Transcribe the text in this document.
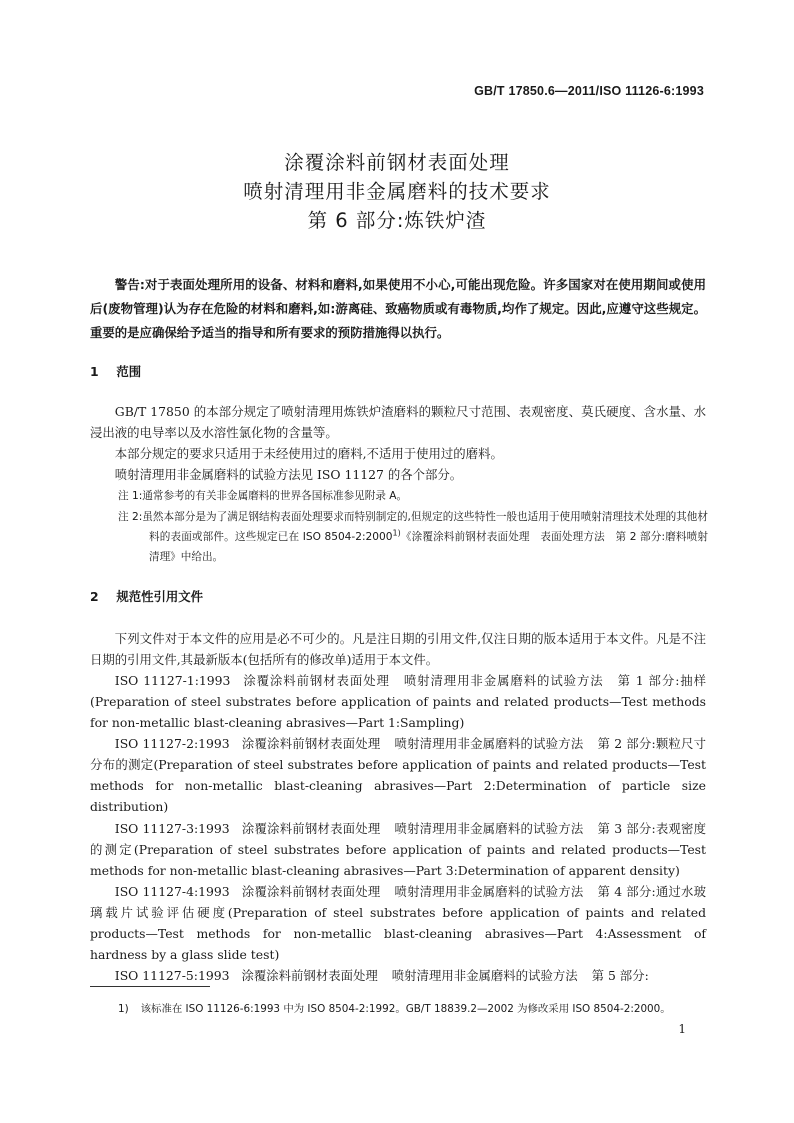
GB/T 17850.6—2011/ISO 11126-6:1993
涂覆涂料前钢材表面处理
喷射清理用非金属磨料的技术要求
第 6 部分:炼铁炉渣

警告:对于表面处理所用的设备、材料和磨料,如果使用不小心,可能出现危险。许多国家对在使用期间或使用后(废物管理)认为存在危险的材料和磨料,如:游离硅、致癌物质或有毒物质,均作了规定。因此,应遵守这些规定。重要的是应确保给予适当的指导和所有要求的预防措施得以执行。

1 范围

GB/T 17850 的本部分规定了喷射清理用炼铁炉渣磨料的颗粒尺寸范围、表观密度、莫氏硬度、含水量、水浸出液的电导率以及水溶性氯化物的含量等。

本部分规定的要求只适用于未经使用过的磨料,不适用于使用过的磨料。

喷射清理用非金属磨料的试验方法见 ISO 11127 的各个部分。

注 1:通常参考的有关非金属磨料的世界各国标准参见附录 A。

注 2:虽然本部分是为了满足钢结构表面处理要求而特别制定的,但规定的这些特性一般也适用于使用喷射清理技术处理的其他材料的表面或部件。这些规定已在 ISO 8504-2:2000$^{1)}$《涂覆涂料前钢材表面处理　表面处理方法　第 2 部分:磨料喷射清理》中给出。

2 规范性引用文件

下列文件对于本文件的应用是必不可少的。凡是注日期的引用文件,仅注日期的版本适用于本文件。凡是不注日期的引用文件,其最新版本(包括所有的修改单)适用于本文件。

ISO 11127-1:1993 涂覆涂料前钢材表面处理 喷射清理用非金属磨料的试验方法 第 1 部分:抽样(Preparation of steel substrates before application of paints and related products—Test methods for non-metallic blast-cleaning abrasives—Part 1:Sampling)

ISO 11127-2:1993 涂覆涂料前钢材表面处理 喷射清理用非金属磨料的试验方法 第 2 部分:颗粒尺寸分布的测定(Preparation of steel substrates before application of paints and related products—Test methods for non-metallic blast-cleaning abrasives—Part 2:Determination of particle size distribution)

ISO 11127-3:1993 涂覆涂料前钢材表面处理 喷射清理用非金属磨料的试验方法 第 3 部分:表观密度的测定(Preparation of steel substrates before application of paints and related products—Test methods for non-metallic blast-cleaning abrasives—Part 3:Determination of apparent density)

ISO 11127-4:1993 涂覆涂料前钢材表面处理 喷射清理用非金属磨料的试验方法 第 4 部分:通过水玻璃载片试验评估硬度(Preparation of steel substrates before application of paints and related products—Test methods for non-metallic blast-cleaning abrasives—Part 4:Assessment of hardness by a glass slide test)

ISO 11127-5:1993 涂覆涂料前钢材表面处理 喷射清理用非金属磨料的试验方法 第 5 部分:

1) 该标准在 ISO 11126-6:1993 中为 ISO 8504-2:1992。GB/T 18839.2—2002 为修改采用 ISO 8504-2:2000。

1
